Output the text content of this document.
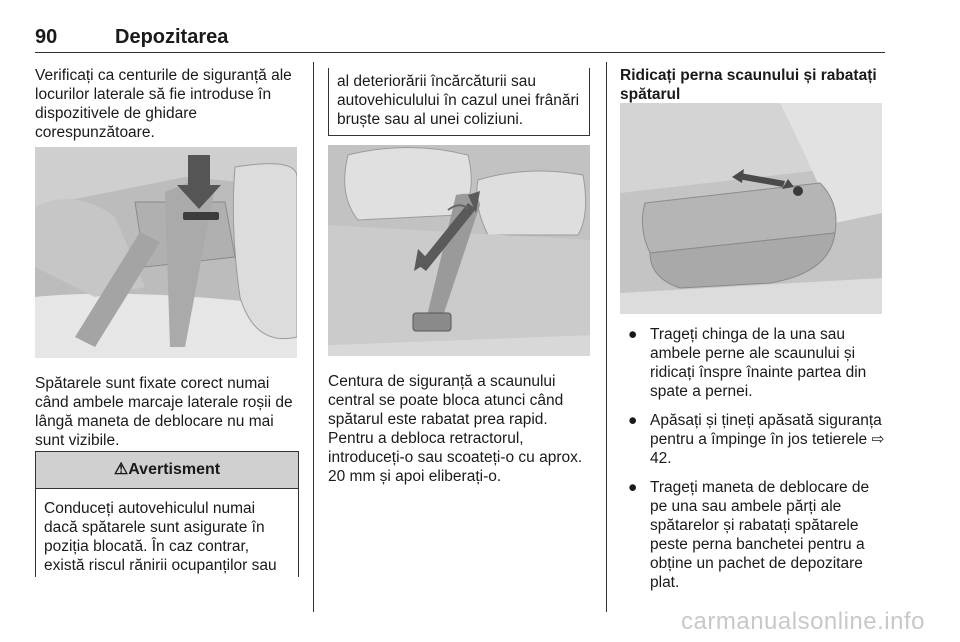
90	Depozitarea

Verificați ca centurile de siguranță ale locurilor laterale să fie introduse în dispozitivele de ghidare corespunzătoare.

Spătarele sunt fixate corect numai când ambele marcaje laterale roșii de lângă maneta de deblocare nu mai sunt vizibile.

⚠Avertisment
Conduceți autovehiculul numai dacă spătarele sunt asigurate în poziția blocată. În caz contrar, există riscul rănirii ocupanților sau
al deteriorării încărcăturii sau autovehiculului în cazul unei frânări bruște sau al unei coliziuni.

Centura de siguranță a scaunului central se poate bloca atunci când spătarul este rabatat prea rapid. Pentru a debloca retractorul, introduceți-o sau scoateți-o cu aprox. 20 mm și apoi eliberați-o.

Ridicați perna scaunului și rabatați spătarul
● Trageți chinga de la una sau ambele perne ale scaunului și ridicați înspre înainte partea din spate a pernei.
● Apăsați și țineți apăsată siguranța pentru a împinge în jos tetierele ⇨ 42.
● Trageți maneta de deblocare de pe una sau ambele părți ale spătarelor și rabatați spătarele peste perna banchetei pentru a obține un pachet de depozitare plat.
carmanualsonline.info
